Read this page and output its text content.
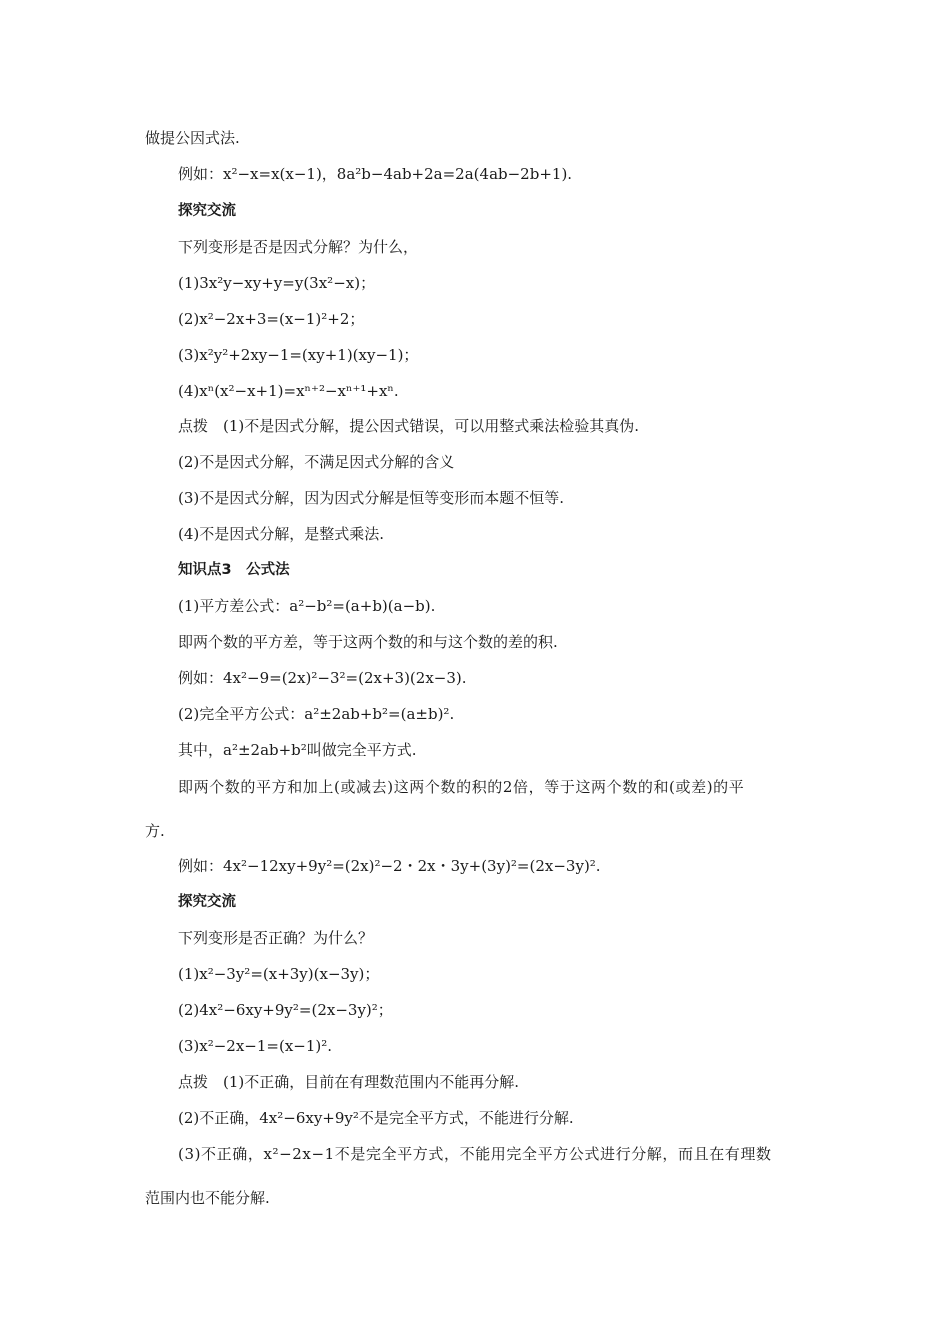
做提公因式法.
例如：x²−x=x(x−1)，8a²b−4ab+2a=2a(4ab−2b+1).
探究交流
下列变形是否是因式分解？为什么，
(1)3x²y−xy+y=y(3x²−x)；
(2)x²−2x+3=(x−1)²+2；
(3)x²y²+2xy−1=(xy+1)(xy−1)；
(4)xⁿ(x²−x+1)=xⁿ⁺²−xⁿ⁺¹+xⁿ.
点拨　(1)不是因式分解，提公因式错误，可以用整式乘法检验其真伪.
(2)不是因式分解，不满足因式分解的含义
(3)不是因式分解，因为因式分解是恒等变形而本题不恒等.
(4)不是因式分解，是整式乘法.
知识点3　公式法
(1)平方差公式：a²−b²=(a+b)(a−b).
即两个数的平方差，等于这两个数的和与这个数的差的积.
例如：4x²−9=(2x)²−3²=(2x+3)(2x−3).
(2)完全平方公式：a²±2ab+b²=(a±b)².
其中，a²±2ab+b²叫做完全平方式.
即两个数的平方和加上(或减去)这两个数的积的2倍，等于这两个数的和(或差)的平
方.
例如：4x²−12xy+9y²=(2x)²−2・2x・3y+(3y)²=(2x−3y)².
探究交流
下列变形是否正确？为什么？
(1)x²−3y²=(x+3y)(x−3y)；
(2)4x²−6xy+9y²=(2x−3y)²；
(3)x²−2x−1=(x−1)².
点拨　(1)不正确，目前在有理数范围内不能再分解.
(2)不正确，4x²−6xy+9y²不是完全平方式，不能进行分解.
(3)不正确，x²−2x−1不是完全平方式，不能用完全平方公式进行分解，而且在有理数
范围内也不能分解.
